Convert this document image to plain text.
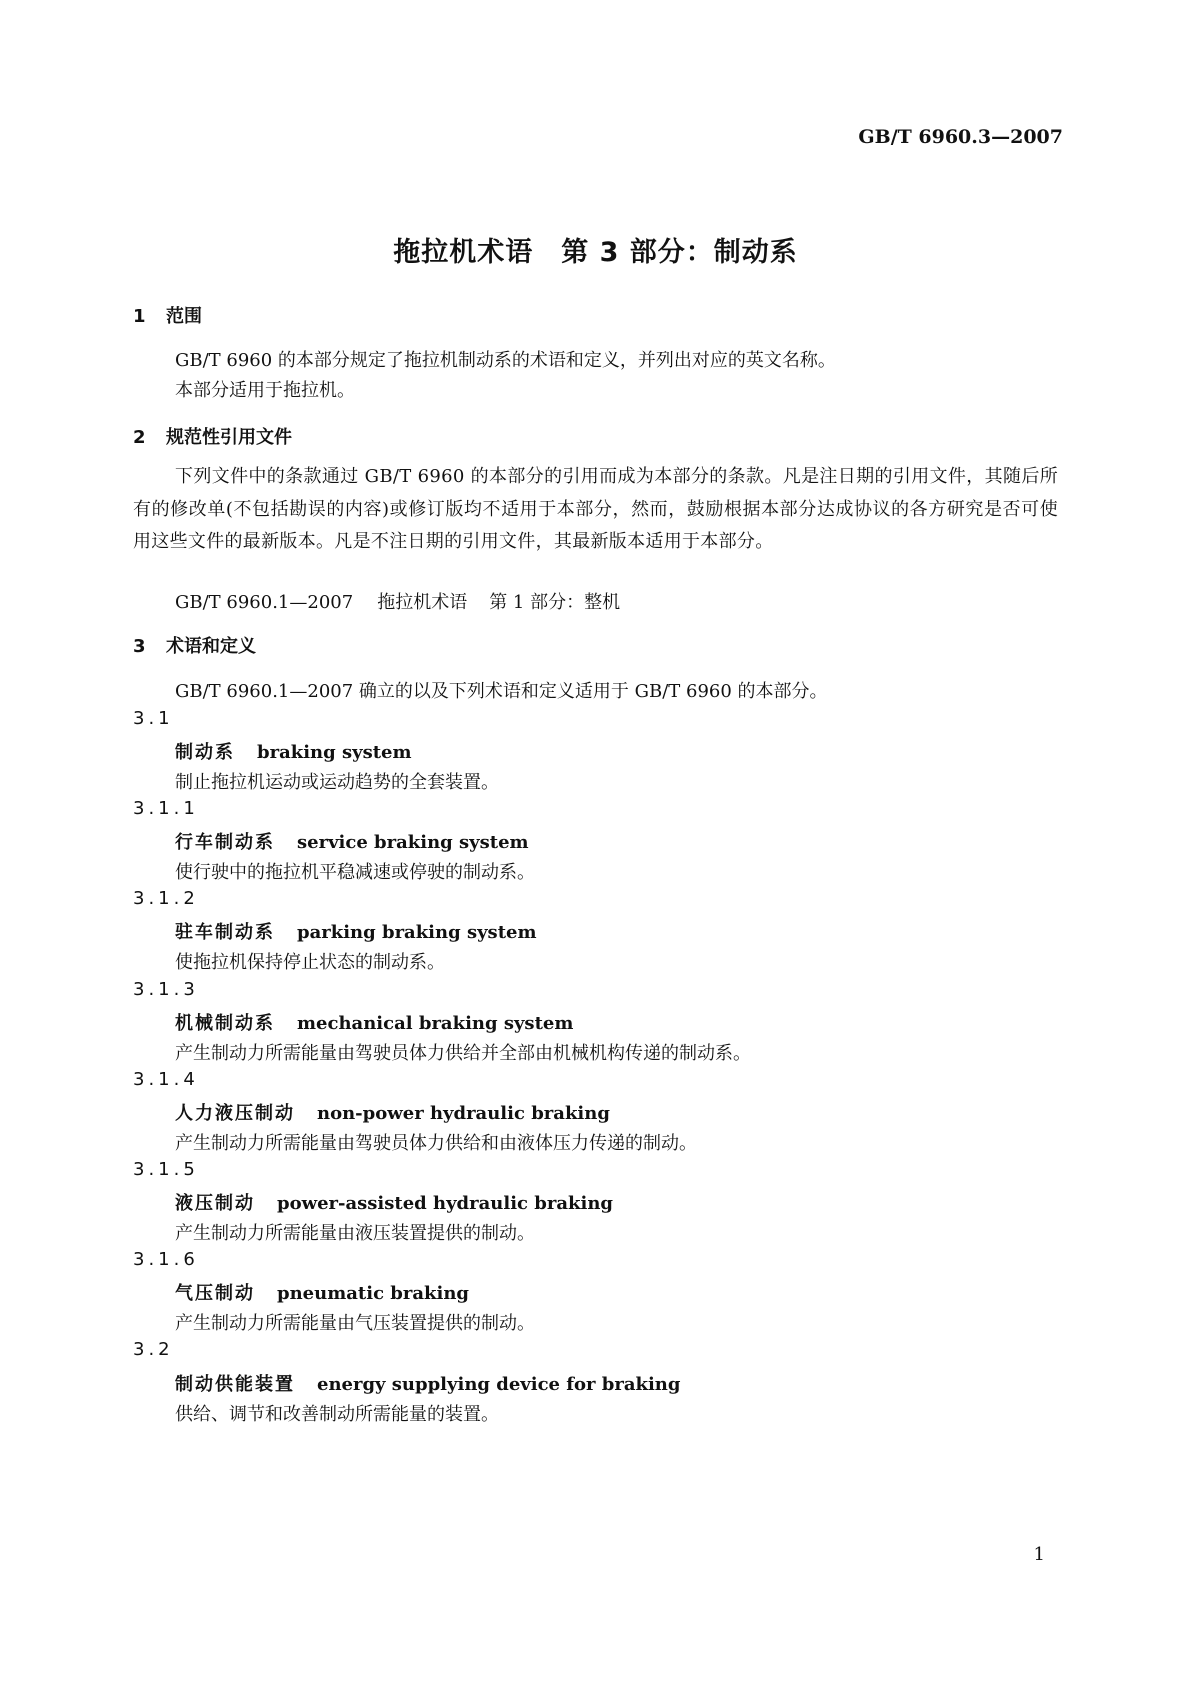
GB/T 6960.3—2007
拖拉机术语　第 3 部分：制动系
1 范围
GB/T 6960 的本部分规定了拖拉机制动系的术语和定义，并列出对应的英文名称。
本部分适用于拖拉机。
2 规范性引用文件
下列文件中的条款通过 GB/T 6960 的本部分的引用而成为本部分的条款。凡是注日期的引用文件，其随后所有的修改单(不包括勘误的内容)或修订版均不适用于本部分，然而，鼓励根据本部分达成协议的各方研究是否可使用这些文件的最新版本。凡是不注日期的引用文件，其最新版本适用于本部分。
GB/T 6960.1—2007 拖拉机术语 第 1 部分：整机
3 术语和定义
GB/T 6960.1—2007 确立的以及下列术语和定义适用于 GB/T 6960 的本部分。
3.1
制动系 braking system
制止拖拉机运动或运动趋势的全套装置。
3.1.1
行车制动系 service braking system
使行驶中的拖拉机平稳减速或停驶的制动系。
3.1.2
驻车制动系 parking braking system
使拖拉机保持停止状态的制动系。
3.1.3
机械制动系 mechanical braking system
产生制动力所需能量由驾驶员体力供给并全部由机械机构传递的制动系。
3.1.4
人力液压制动 non-power hydraulic braking
产生制动力所需能量由驾驶员体力供给和由液体压力传递的制动。
3.1.5
液压制动 power-assisted hydraulic braking
产生制动力所需能量由液压装置提供的制动。
3.1.6
气压制动 pneumatic braking
产生制动力所需能量由气压装置提供的制动。
3.2
制动供能装置 energy supplying device for braking
供给、调节和改善制动所需能量的装置。
1
